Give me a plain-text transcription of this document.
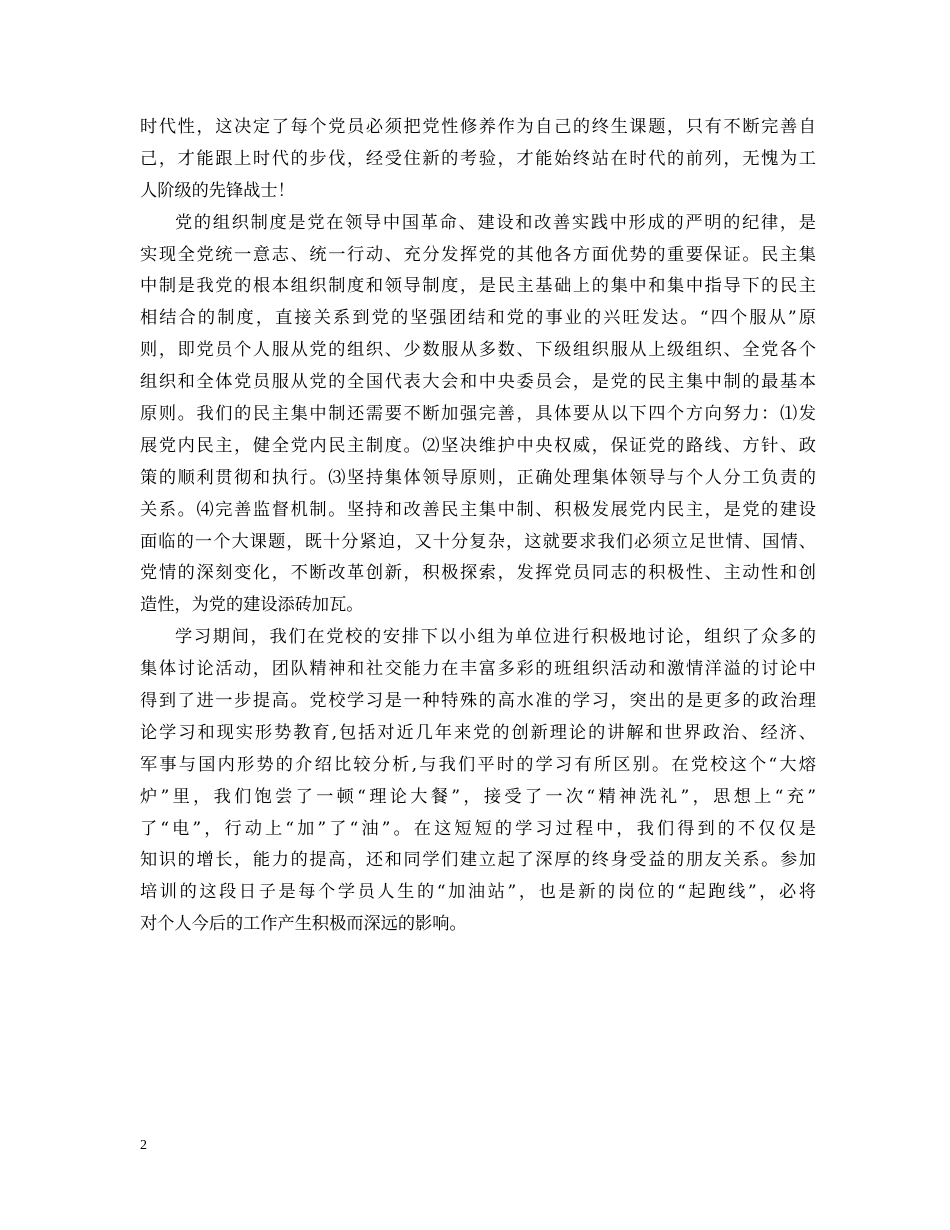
时代性，这决定了每个党员必须把党性修养作为自己的终生课题，只有不断完善自
己，才能跟上时代的步伐，经受住新的考验，才能始终站在时代的前列，无愧为工
人阶级的先锋战士！
党的组织制度是党在领导中国革命、建设和改善实践中形成的严明的纪律，是
实现全党统一意志、统一行动、充分发挥党的其他各方面优势的重要保证。民主集
中制是我党的根本组织制度和领导制度，是民主基础上的集中和集中指导下的民主
相结合的制度，直接关系到党的坚强团结和党的事业的兴旺发达。“四个服从”原
则，即党员个人服从党的组织、少数服从多数、下级组织服从上级组织、全党各个
组织和全体党员服从党的全国代表大会和中央委员会，是党的民主集中制的最基本
原则。我们的民主集中制还需要不断加强完善，具体要从以下四个方向努力：⑴发
展党内民主，健全党内民主制度。⑵坚决维护中央权威，保证党的路线、方针、政
策的顺利贯彻和执行。⑶坚持集体领导原则，正确处理集体领导与个人分工负责的
关系。⑷完善监督机制。坚持和改善民主集中制、积极发展党内民主，是党的建设
面临的一个大课题，既十分紧迫，又十分复杂，这就要求我们必须立足世情、国情、
党情的深刻变化，不断改革创新，积极探索，发挥党员同志的积极性、主动性和创
造性，为党的建设添砖加瓦。
学习期间，我们在党校的安排下以小组为单位进行积极地讨论，组织了众多的
集体讨论活动，团队精神和社交能力在丰富多彩的班组织活动和激情洋溢的讨论中
得到了进一步提高。党校学习是一种特殊的高水准的学习，突出的是更多的政治理
论学习和现实形势教育,包括对近几年来党的创新理论的讲解和世界政治、经济、
军事与国内形势的介绍比较分析,与我们平时的学习有所区别。在党校这个“大熔
炉”里，我们饱尝了一顿“理论大餐”，接受了一次“精神洗礼”，思想上“充”
了“电”，行动上“加”了“油”。在这短短的学习过程中，我们得到的不仅仅是
知识的增长，能力的提高，还和同学们建立起了深厚的终身受益的朋友关系。参加
培训的这段日子是每个学员人生的“加油站”，也是新的岗位的“起跑线”，必将
对个人今后的工作产生积极而深远的影响。
2
